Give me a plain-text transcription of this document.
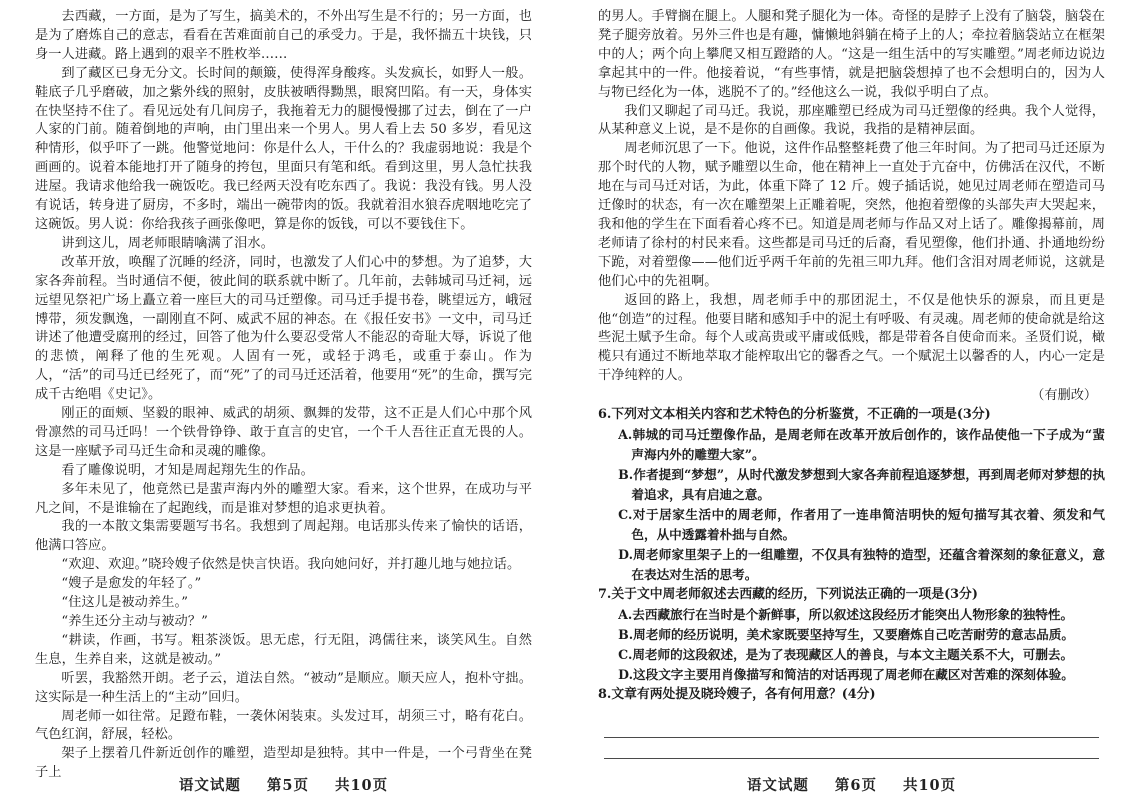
去西藏，一方面，是为了写生，搞美术的，不外出写生是不行的；另一方面，也是为了磨炼自己的意志，看看在苦难面前自己的承受力。于是，我怀揣五十块钱，只身一人进藏。路上遇到的艰辛不胜枚举……

到了藏区已身无分文。长时间的颠簸，使得浑身酸疼。头发疯长，如野人一般。鞋底子几乎磨破，加之紫外线的照射，皮肤被晒得黝黑，眼窝凹陷。有一天，身体实在快坚持不住了。看见远处有几间房子，我拖着无力的腿慢慢挪了过去，倒在了一户人家的门前。随着倒地的声响，由门里出来一个男人。男人看上去 50 多岁，看见这种情形，似乎吓了一跳。他警觉地问：你是什么人，干什么的？我虚弱地说：我是个画画的。说着本能地打开了随身的挎包，里面只有笔和纸。看到这里，男人急忙扶我进屋。我请求他给我一碗饭吃。我已经两天没有吃东西了。我说：我没有钱。男人没有说话，转身进了厨房，不多时，端出一碗带肉的饭。我就着泪水狼吞虎咽地吃完了这碗饭。男人说：你给我孩子画张像吧，算是你的饭钱，可以不要钱住下。

讲到这儿，周老师眼睛噙满了泪水。

改革开放，唤醒了沉睡的经济，同时，也激发了人们心中的梦想。为了追梦，大家各奔前程。当时通信不便，彼此间的联系就中断了。几年前，去韩城司马迁祠，远远望见祭祀广场上矗立着一座巨大的司马迁塑像。司马迁手提书卷，眺望远方，峨冠博带，须发飘逸，一副刚直不阿、威武不屈的神态。在《报任安书》一文中，司马迁讲述了他遭受腐刑的经过，回答了他为什么要忍受常人不能忍的奇耻大辱，诉说了他的悲愤，阐释了他的生死观。人固有一死，或轻于鸿毛，或重于泰山。作为人，“活”的司马迁已经死了，而“死”了的司马迁还活着，他要用“死”的生命，撰写完成千古绝唱《史记》。

刚正的面颊、坚毅的眼神、威武的胡须、飘舞的发带，这不正是人们心中那个风骨凛然的司马迁吗！一个铁骨铮铮、敢于直言的史官，一个千人吾往正直无畏的人。这是一座赋予司马迁生命和灵魂的雕像。

看了雕像说明，才知是周起翔先生的作品。

多年未见了，他竟然已是蜚声海内外的雕塑大家。看来，这个世界，在成功与平凡之间，不是谁输在了起跑线，而是谁对梦想的追求更执着。

我的一本散文集需要题写书名。我想到了周起翔。电话那头传来了愉快的话语，他满口答应。

“欢迎、欢迎。”晓玲嫂子依然是快言快语。我向她问好，并打趣儿地与她拉话。

“嫂子是愈发的年轻了。”

“住这儿是被动养生。”

“养生还分主动与被动？”

“耕读，作画，书写。粗茶淡饭。思无虑，行无阻，鸿儒往来，谈笑风生。自然生息，生养自来，这就是被动。”

听罢，我豁然开朗。老子云，道法自然。“被动”是顺应。顺天应人，抱朴守拙。这实际是一种生活上的“主动”回归。

周老师一如往常。足蹬布鞋，一袭休闲装束。头发过耳，胡须三寸，略有花白。气色红润，舒展，轻松。

架子上摆着几件新近创作的雕塑，造型却是独特。其中一件是，一个弓背坐在凳子上

语文试题 第5页 共10页

的男人。手臂搁在腿上。人腿和凳子腿化为一体。奇怪的是脖子上没有了脑袋，脑袋在凳子腿旁放着。另外三件也是有趣，慵懒地斜躺在椅子上的人；牵拉着脑袋站立在框架中的人；两个向上攀爬又相互蹬踏的人。“这是一组生活中的写实雕塑。”周老师边说边拿起其中的一件。他接着说，“有些事情，就是把脑袋想掉了也不会想明白的，因为人与物已经化为一体，逃脱不了的。”经他这么一说，我似乎明白了点。

我们又聊起了司马迁。我说，那座雕塑已经成为司马迁塑像的经典。我个人觉得，从某种意义上说，是不是你的自画像。我说，我指的是精神层面。

周老师沉思了一下。他说，这件作品整整耗费了他三年时间。为了把司马迁还原为那个时代的人物，赋予雕塑以生命，他在精神上一直处于亢奋中，仿佛活在汉代，不断地在与司马迁对话，为此，体重下降了 12 斤。嫂子插话说，她见过周老师在塑造司马迁像时的状态，有一次在雕塑架上正雕着呢，突然，他抱着塑像的头部失声大哭起来，我和他的学生在下面看着心疼不已。知道是周老师与作品又对上话了。雕像揭幕前，周老师请了徐村的村民来看。这些都是司马迁的后裔，看见塑像，他们扑通、扑通地纷纷下跪，对着塑像——他们近乎两千年前的先祖三叩九拜。他们含泪对周老师说，这就是他们心中的先祖啊。

返回的路上，我想，周老师手中的那团泥土，不仅是他快乐的源泉，而且更是他“创造”的过程。他要目睹和感知手中的泥土有呼吸、有灵魂。周老师的使命就是给这些泥土赋予生命。每个人或高贵或平庸或低贱，都是带着各自使命而来。圣贤们说，橄榄只有通过不断地萃取才能榨取出它的馨香之气。一个赋泥土以馨香的人，内心一定是干净纯粹的人。

（有删改）

6.下列对文本相关内容和艺术特色的分析鉴赏，不正确的一项是(3分)

A.韩城的司马迁塑像作品，是周老师在改革开放后创作的，该作品使他一下子成为“蜚声海内外的雕塑大家”。

B.作者提到“梦想”，从时代激发梦想到大家各奔前程追逐梦想，再到周老师对梦想的执着追求，具有启迪之意。

C.对于居家生活中的周老师，作者用了一连串简洁明快的短句描写其衣着、须发和气色，从中透露着朴拙与自然。

D.周老师家里架子上的一组雕塑，不仅具有独特的造型，还蕴含着深刻的象征意义，意在表达对生活的思考。

7.关于文中周老师叙述去西藏的经历，下列说法正确的一项是(3分)

A.去西藏旅行在当时是个新鲜事，所以叙述这段经历才能突出人物形象的独特性。

B.周老师的经历说明，美术家既要坚持写生，又要磨炼自己吃苦耐劳的意志品质。

C.周老师的这段叙述，是为了表现藏区人的善良，与本文主题关系不大，可删去。

D.这段文字主要用肖像描写和简洁的对话再现了周老师在藏区对苦难的深刻体验。

8.文章有两处提及晓玲嫂子，各有何用意？(4分)

语文试题 第6页 共10页
